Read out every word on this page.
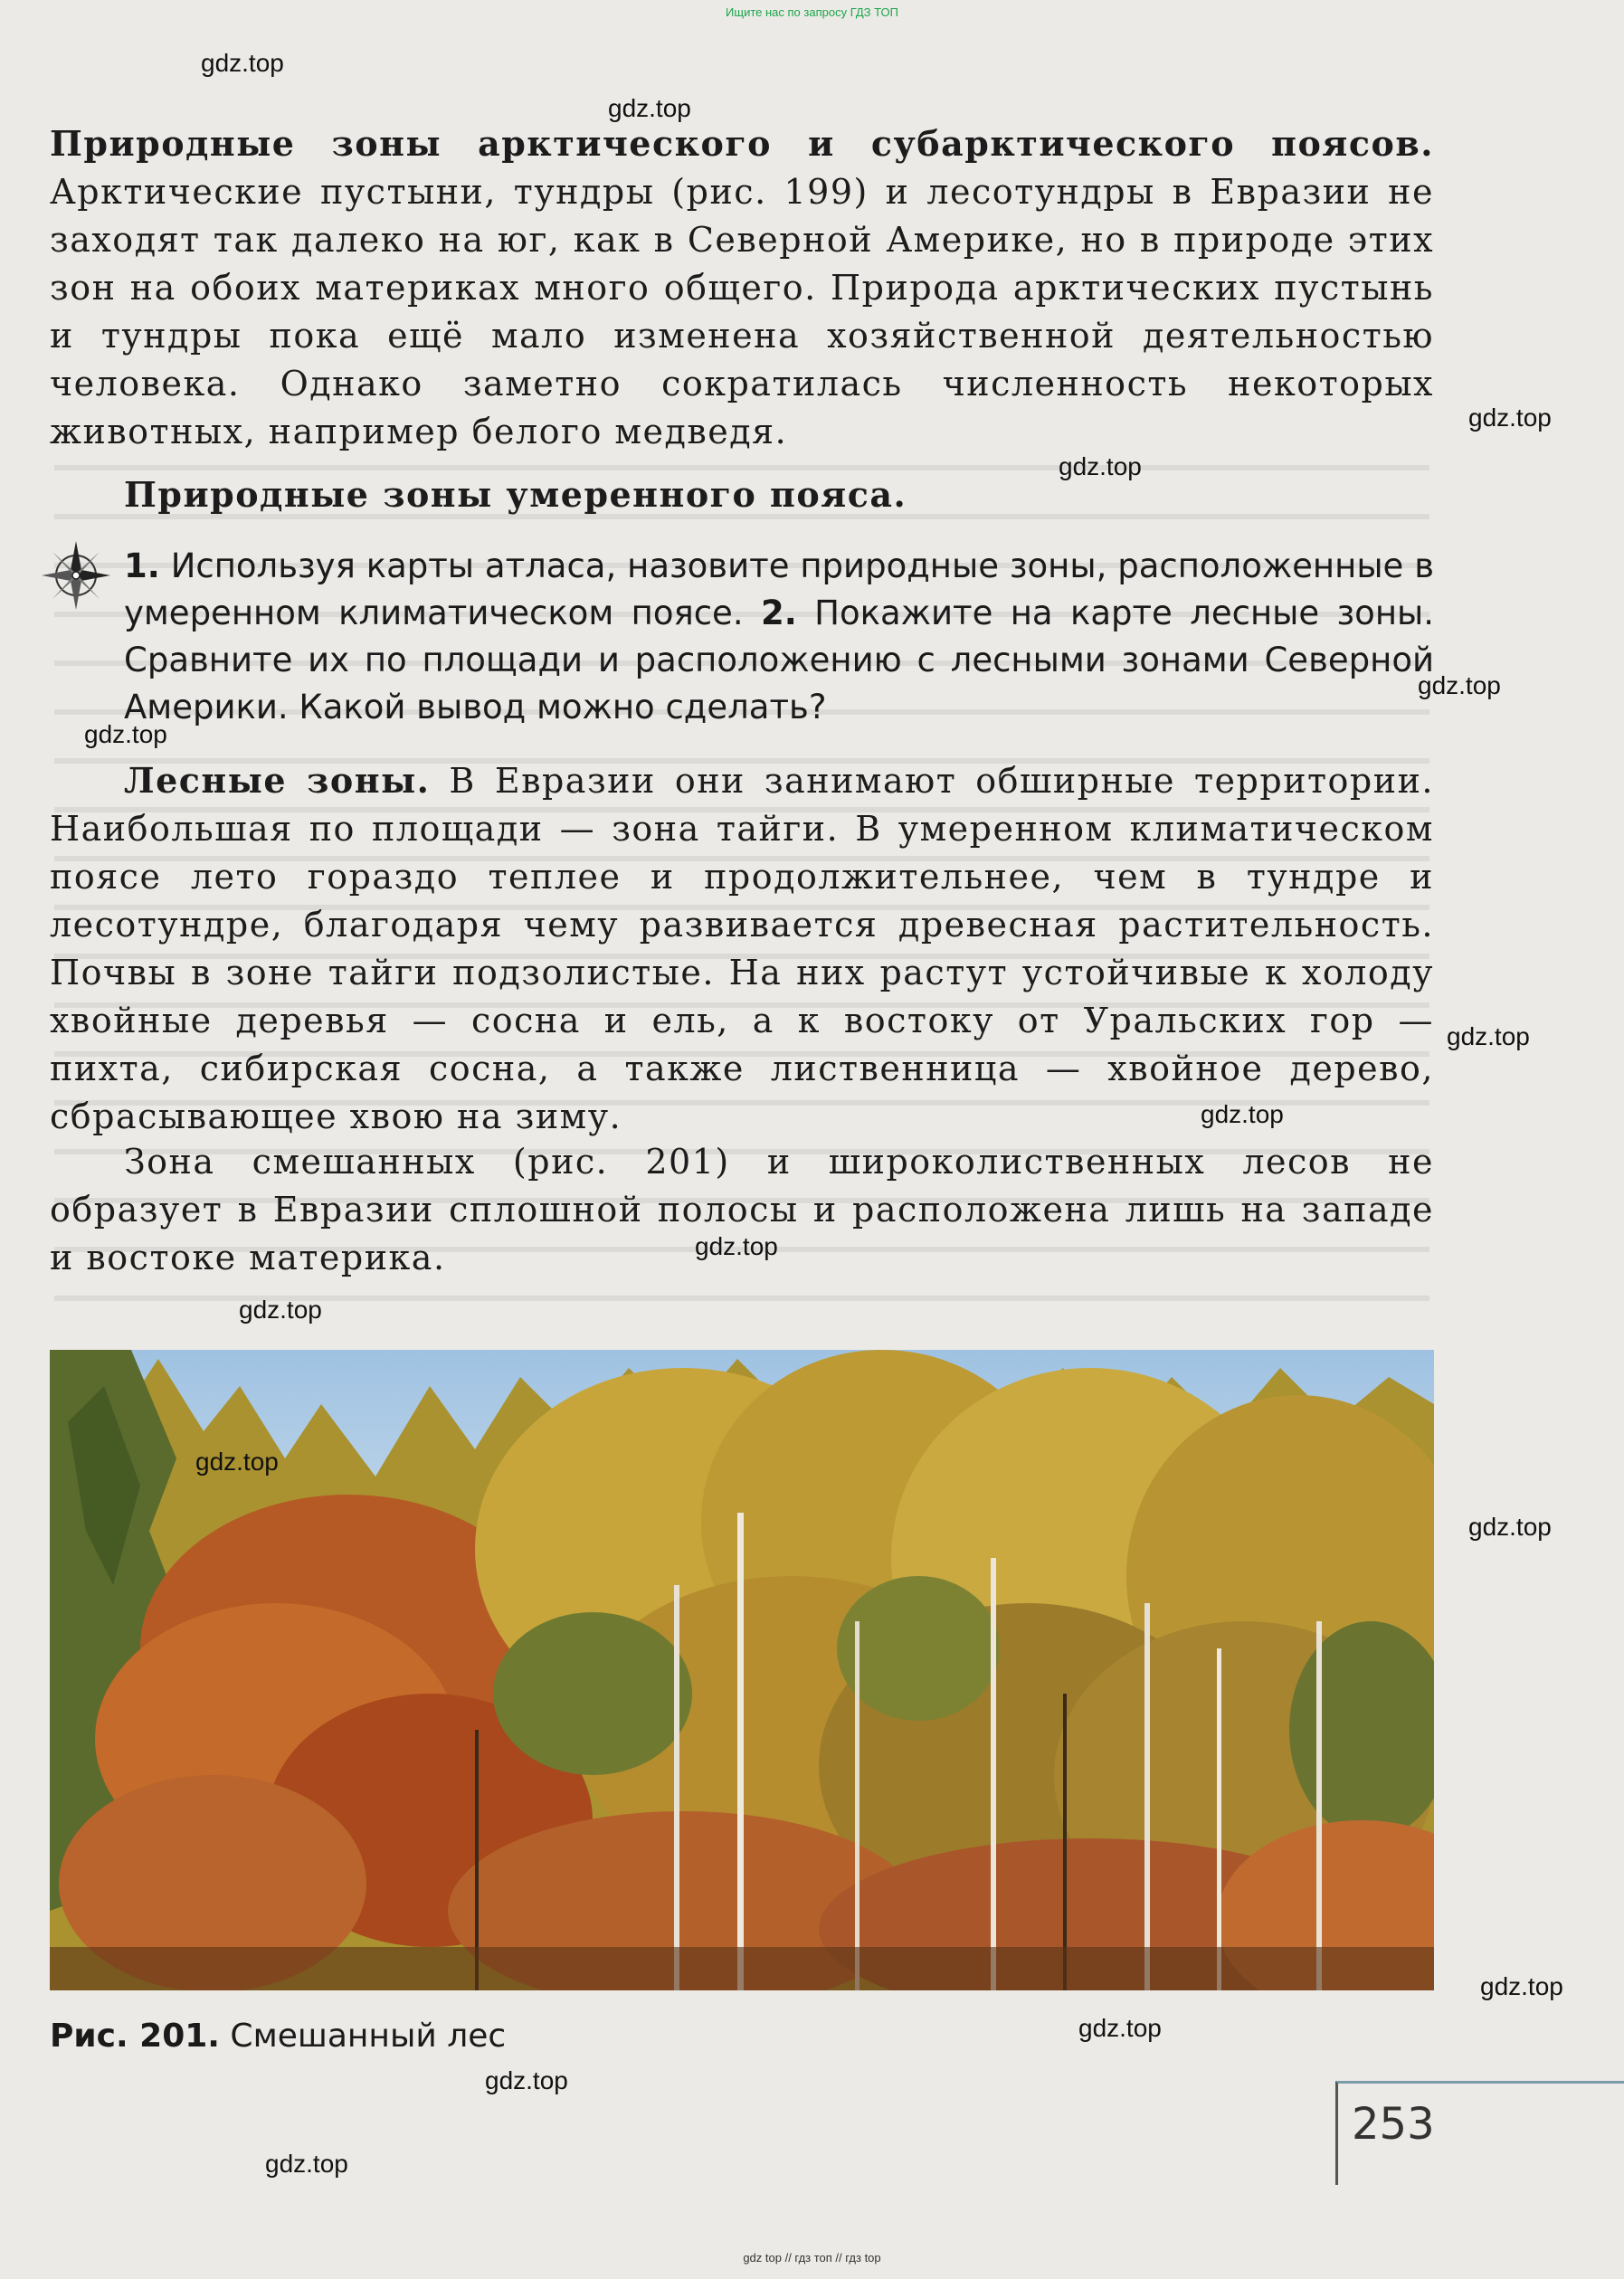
Ищите нас по запросу ГДЗ ТОП
Природные зоны арктического и субарктического поясов. Арктические пустыни, тундры (рис. 199) и лесотундры в Евразии не заходят так далеко на юг, как в Северной Америке, но в природе этих зон на обоих материках много общего. Природа арктических пустынь и тундры пока ещё мало изменена хозяйственной деятельностью человека. Однако заметно сократилась численность некоторых животных, например белого медведя.
Природные зоны умеренного пояса.
1. Используя карты атласа, назовите природные зоны, расположенные в умеренном климатическом поясе. 2. Покажите на карте лесные зоны. Сравните их по площади и расположению с лесными зонами Северной Америки. Какой вывод можно сделать?
Лесные зоны. В Евразии они занимают обширные территории. Наибольшая по площади — зона тайги. В умеренном климатическом поясе лето гораздо теплее и продолжительнее, чем в тундре и лесотундре, благодаря чему развивается древесная растительность. Почвы в зоне тайги подзолистые. На них растут устойчивые к холоду хвойные деревья — сосна и ель, а к востоку от Уральских гор — пихта, сибирская сосна, а также лиственница — хвойное дерево, сбрасывающее хвою на зиму.
Зона смешанных (рис. 201) и широколиственных лесов не образует в Евразии сплошной полосы и расположена лишь на западе и востоке материка.
Рис. 201. Смешанный лес
253
gdz.top
gdz.top
gdz.top
gdz.top
gdz.top
gdz.top
gdz.top
gdz.top
gdz.top
gdz.top
gdz.top
gdz.top
gdz.top
gdz.top
gdz.top
gdz.top
gdz top // гдз топ // гдз top
